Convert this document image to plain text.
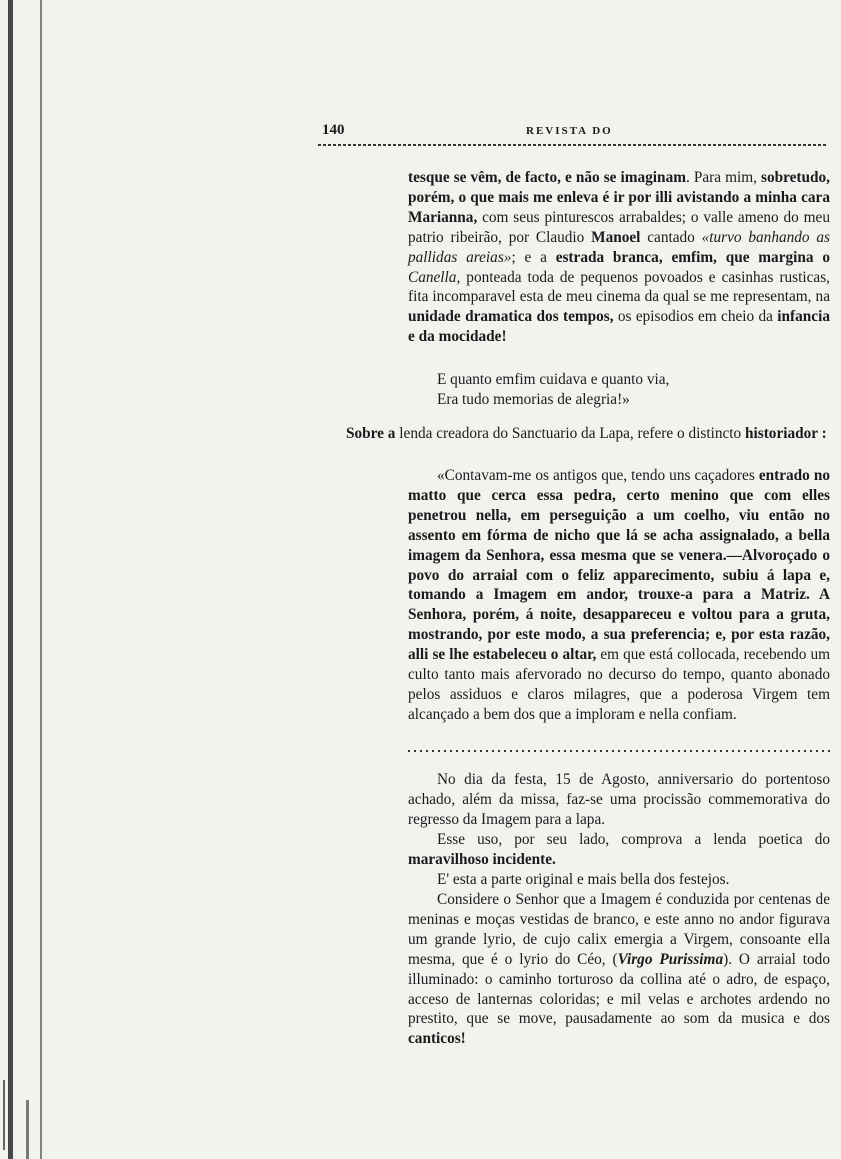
140	REVISTA DO

tesque se vêm, de facto, e não se imaginam. Para mim, sobretudo, porém, o que mais me enleva é ir por illi avistando a minha cara Marianna, com seus pinturescos arrabaldes; o valle ameno do meu patrio ribeirão, por Claudio Manoel cantado «turvo banhando as pallidas areias»; e a estrada branca, emfim, que margina o Canella, ponteada toda de pequenos povoados e casinhas rusticas, fita incomparavel esta de meu cinema da qual se me representam, na unidade dramatica dos tempos, os episodios em cheio da infancia e da mocidade!

E quanto emfim cuidava e quanto via,

Era tudo memorias de alegria!»

Sobre a lenda creadora do Sanctuario da Lapa, refere o distincto historiador :

«Contavam-me os antigos que, tendo uns caçadores entrado no matto que cerca essa pedra, certo menino que com elles penetrou nella, em perseguição a um coelho, viu então no assento em fórma de nicho que lá se acha assignalado, a bella imagem da Senhora, essa mesma que se venera.—Alvoroçado o povo do arraial com o feliz apparecimento, subiu á lapa e, tomando a Imagem em andor, trouxe-a para a Matriz. A Senhora, porém, á noite, desappareceu e voltou para a gruta, mostrando, por este modo, a sua preferencia; e, por esta razão, alli se lhe estabeleceu o altar, em que está collocada, recebendo um culto tanto mais afervorado no decurso do tempo, quanto abonado pelos assiduos e claros milagres, que a poderosa Virgem tem alcançado a bem dos que a imploram e nella confiam.

No dia da festa, 15 de Agosto, anniversario do portentoso achado, além da missa, faz-se uma procissão commemorativa do regresso da Imagem para a lapa.

Esse uso, por seu lado, comprova a lenda poetica do maravilhoso incidente.

E' esta a parte original e mais bella dos festejos.

Considere o Senhor que a Imagem é conduzida por centenas de meninas e moças vestidas de branco, e este anno no andor figurava um grande lyrio, de cujo calix emergia a Virgem, consoante ella mesma, que é o lyrio do Céo, (Virgo Purissima). O arraial todo illuminado: o caminho torturoso da collina até o adro, de espaço, acceso de lanternas coloridas; e mil velas e archotes ardendo no prestito, que se move, pausadamente ao som da musica e dos canticos!
